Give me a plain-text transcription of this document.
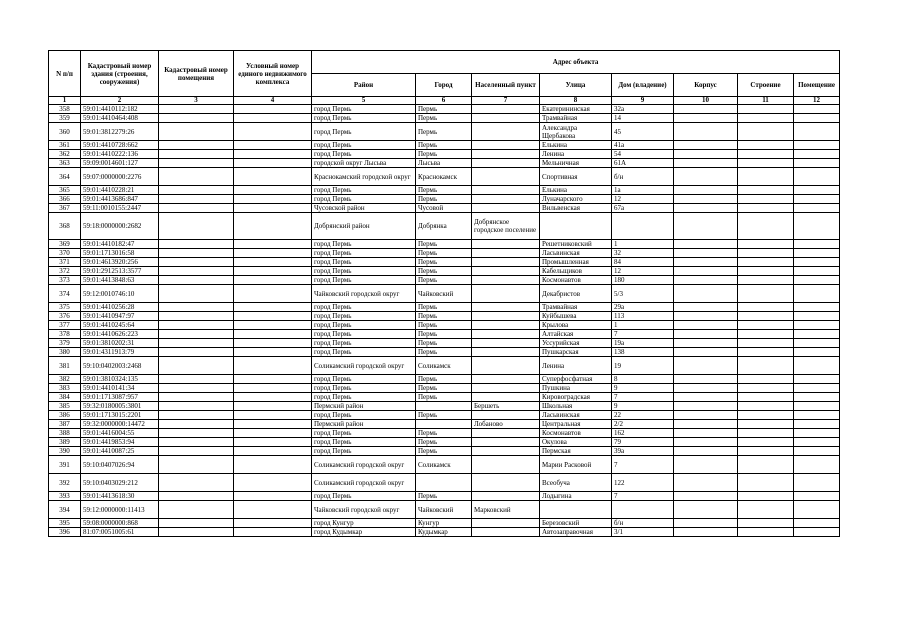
N п/п	Кадастровый номер здания (строения, сооружения)	Кадастровый номер помещения	Условный номер единого недвижимого комплекса	Адрес объекта							
				Район	Город	Населенный пункт	Улица	Дом (владение)	Корпус	Строение	Помещение
1	2	3	4	5	6	7	8	9	10	11	12
358	59:01:4410112:182			город Пермь	Пермь		Екатерининская	32а			
359	59:01:4410464:408			город Пермь	Пермь		Трамвайная	14			
360	59:01:3812279:26			город Пермь	Пермь		Александра Щербакова	45			
361	59:01:4410728:662			город Пермь	Пермь		Елькина	41а			
362	59:01:4410222:136			город Пермь	Пермь		Ленина	54			
363	59:09:0014601:127			городской округ Лысьва	Лысьва		Мельничная	61А			
364	59:07:0000000:2276			Краснокамский городской округ	Краснокамск		Спортивная	б/н			
365	59:01:4410228:21			город Пермь	Пермь		Елькина	1а			
366	59:01:4413686:847			город Пермь	Пермь		Луначарского	12			
367	59:11:0010155:2447			Чусовской район	Чусовой		Вильвенская	67а			
368	59:18:0000000:2682			Добрянский район	Добрянка	Добрянское городское поселение					
369	59:01:4410182:47			город Пермь	Пермь		Решетниковский	1			
370	59:01:1713016:58			город Пермь	Пермь		Ласьвинская	32			
371	59:01:4613920:256			город Пермь	Пермь		Промышленная	84			
372	59:01:2912513:3577			город Пермь	Пермь		Кабельщиков	12			
373	59:01:4413848:63			город Пермь	Пермь		Космонавтов	180			
374	59:12:0010746:10			Чайковский городской округ	Чайковский		Декабристов	5/3			
375	59:01:4410256:28			город Пермь	Пермь		Трамвайная	29а			
376	59:01:4410947:97			город Пермь	Пермь		Куйбышева	113			
377	59:01:4410245:64			город Пермь	Пермь		Крылова	1			
378	59:01:4410626:223			город Пермь	Пермь		Алтайская	7			
379	59:01:3810202:31			город Пермь	Пермь		Уссурийская	19а			
380	59:01:4311913:79			город Пермь	Пермь		Пушкарская	138			
381	59:10:0402003:2468			Соликамский городской округ	Соликамск		Ленина	19			
382	59:01:3810324:135			город Пермь	Пермь		Суперфосфатная	8			
383	59:01:4410141:34			город Пермь	Пермь		Пушкина	9			
384	59:01:1713087:957			город Пермь	Пермь		Кировоградская	7			
385	59:32:0180005:3801			Пермский район		Бершеть	Школьная	9			
386	59:01:1713015:2201			город Пермь	Пермь		Ласьвинская	22			
387	59:32:0000000:14472			Пермский район		Лобаново	Центральная	2/2			
388	59:01:4416004:55			город Пермь	Пермь		Космонавтов	162			
389	59:01:4419853:94			город Пермь	Пермь		Окулова	79			
390	59:01:4410087:25			город Пермь	Пермь		Пермская	39а			
391	59:10:0407026:94			Соликамский городской округ	Соликамск		Марии Расковой	7			
392	59:10:0403029:212			Соликамский городской округ			Всеобуча	122			
393	59:01:4413618:30			город Пермь	Пермь		Лодыгина	7			
394	59:12:0000000:11413			Чайковский городской округ	Чайковский	Марковский					
395	59:08:0000000:868			город Кунгур	Кунгур		Березовский	б/н			
396	81:07:0051005:61			город Кудымкар	Кудымкар		Автозаправочная	3/1			
